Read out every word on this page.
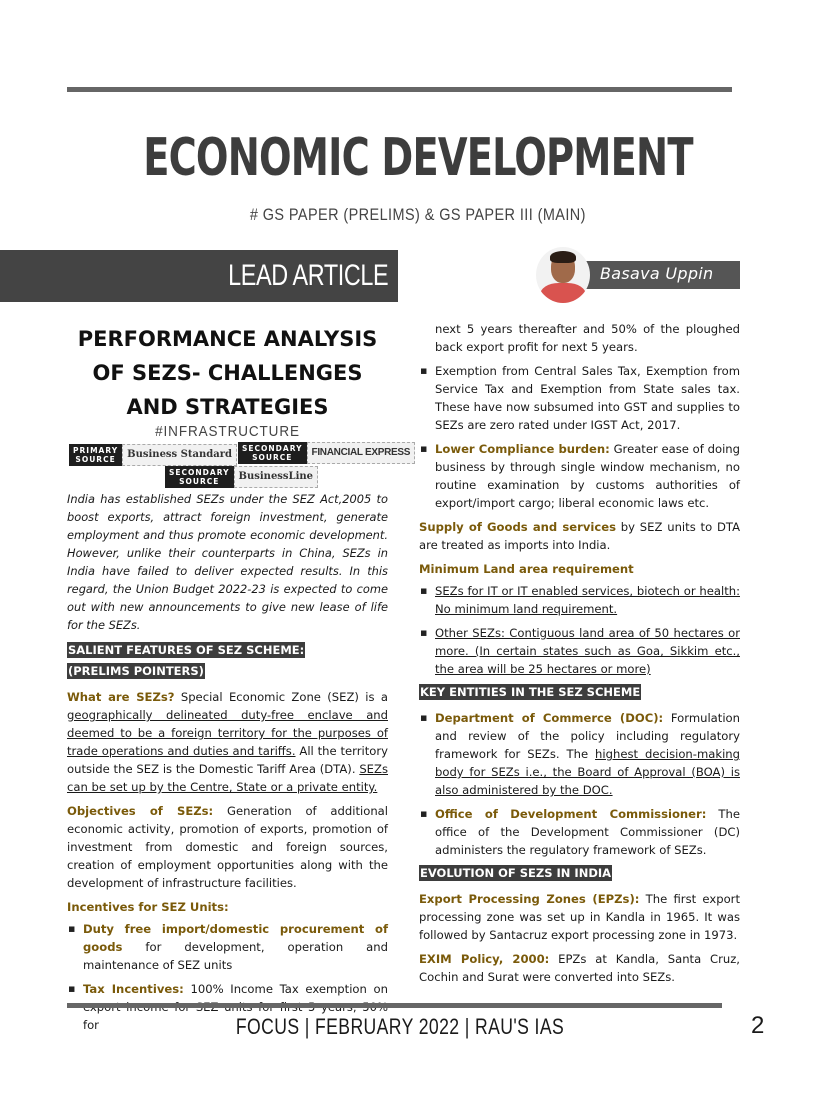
ECONOMIC DEVELOPMENT
# GS PAPER (PRELIMS) & GS PAPER III (MAIN)
LEAD ARTICLE	Basava Uppin
PERFORMANCE ANALYSIS OF SEZS- CHALLENGES AND STRATEGIES
#INFRASTRUCTURE
PRIMARY
SOURCE	Business Standard
SECONDARY
SOURCE	FINANCIAL EXPRESS
SECONDARY
SOURCE	BusinessLine

India has established SEZs under the SEZ Act,2005 to boost exports, attract foreign investment, generate employment and thus promote economic development. However, unlike their counterparts in China, SEZs in India have failed to deliver expected results. In this regard, the Union Budget 2022-23 is expected to come out with new announcements to give new lease of life for the SEZs.

SALIENT FEATURES OF SEZ SCHEME: (PRELIMS POINTERS)

What are SEZs? Special Economic Zone (SEZ) is a geographically delineated duty-free enclave and deemed to be a foreign territory for the purposes of trade operations and duties and tariffs. All the territory outside the SEZ is the Domestic Tariff Area (DTA). SEZs can be set up by the Centre, State or a private entity.

Objectives of SEZs: Generation of additional economic activity, promotion of exports, promotion of investment from domestic and foreign sources, creation of employment opportunities along with the development of infrastructure facilities.

Incentives for SEZ Units:
▪ Duty free import/domestic procurement of goods for development, operation and maintenance of SEZ units
▪ Tax Incentives: 100% Income Tax exemption on for
next 5 years thereafter and 50% of the ploughed back export profit for next 5 years.
▪ Exemption from Central Sales Tax, Exemption from Service Tax and Exemption from State sales tax. These have now subsumed into GST and supplies to SEZs are zero rated under IGST Act, 2017.
▪ Lower Compliance burden: Greater ease of doing business by through single window mechanism, no routine examination by customs authorities of export/import cargo; liberal economic laws etc.

Supply of Goods and services by SEZ units to DTA are treated as imports into India.

Minimum Land area requirement
▪ SEZs for IT or IT enabled services, biotech or health: No minimum land requirement.
▪ Other SEZs: Contiguous land area of 50 hectares or more. (In certain states such as Goa, Sikkim etc., the area will be 25 hectares or more)
KEY ENTITIES IN THE SEZ SCHEME
▪ Department of Commerce (DOC): Formulation and review of the policy including regulatory framework for SEZs. The highest decision-making body for SEZs i.e., the Board of Approval (BOA) is also administered by the DOC.
▪ Office of Development Commissioner: The office of the Development Commissioner (DC) administers the regulatory framework of SEZs.
EVOLUTION OF SEZS IN INDIA

Export Processing Zones (EPZs): The first export processing zone was set up in Kandla in 1965. It was followed by Santacruz export processing zone in 1973.

EXIM Policy, 2000: EPZs at Kandla, Santa Cruz, Cochin and Surat were converted into SEZs.

FOCUS | FEBRUARY 2022 | RAU'S IAS	2
